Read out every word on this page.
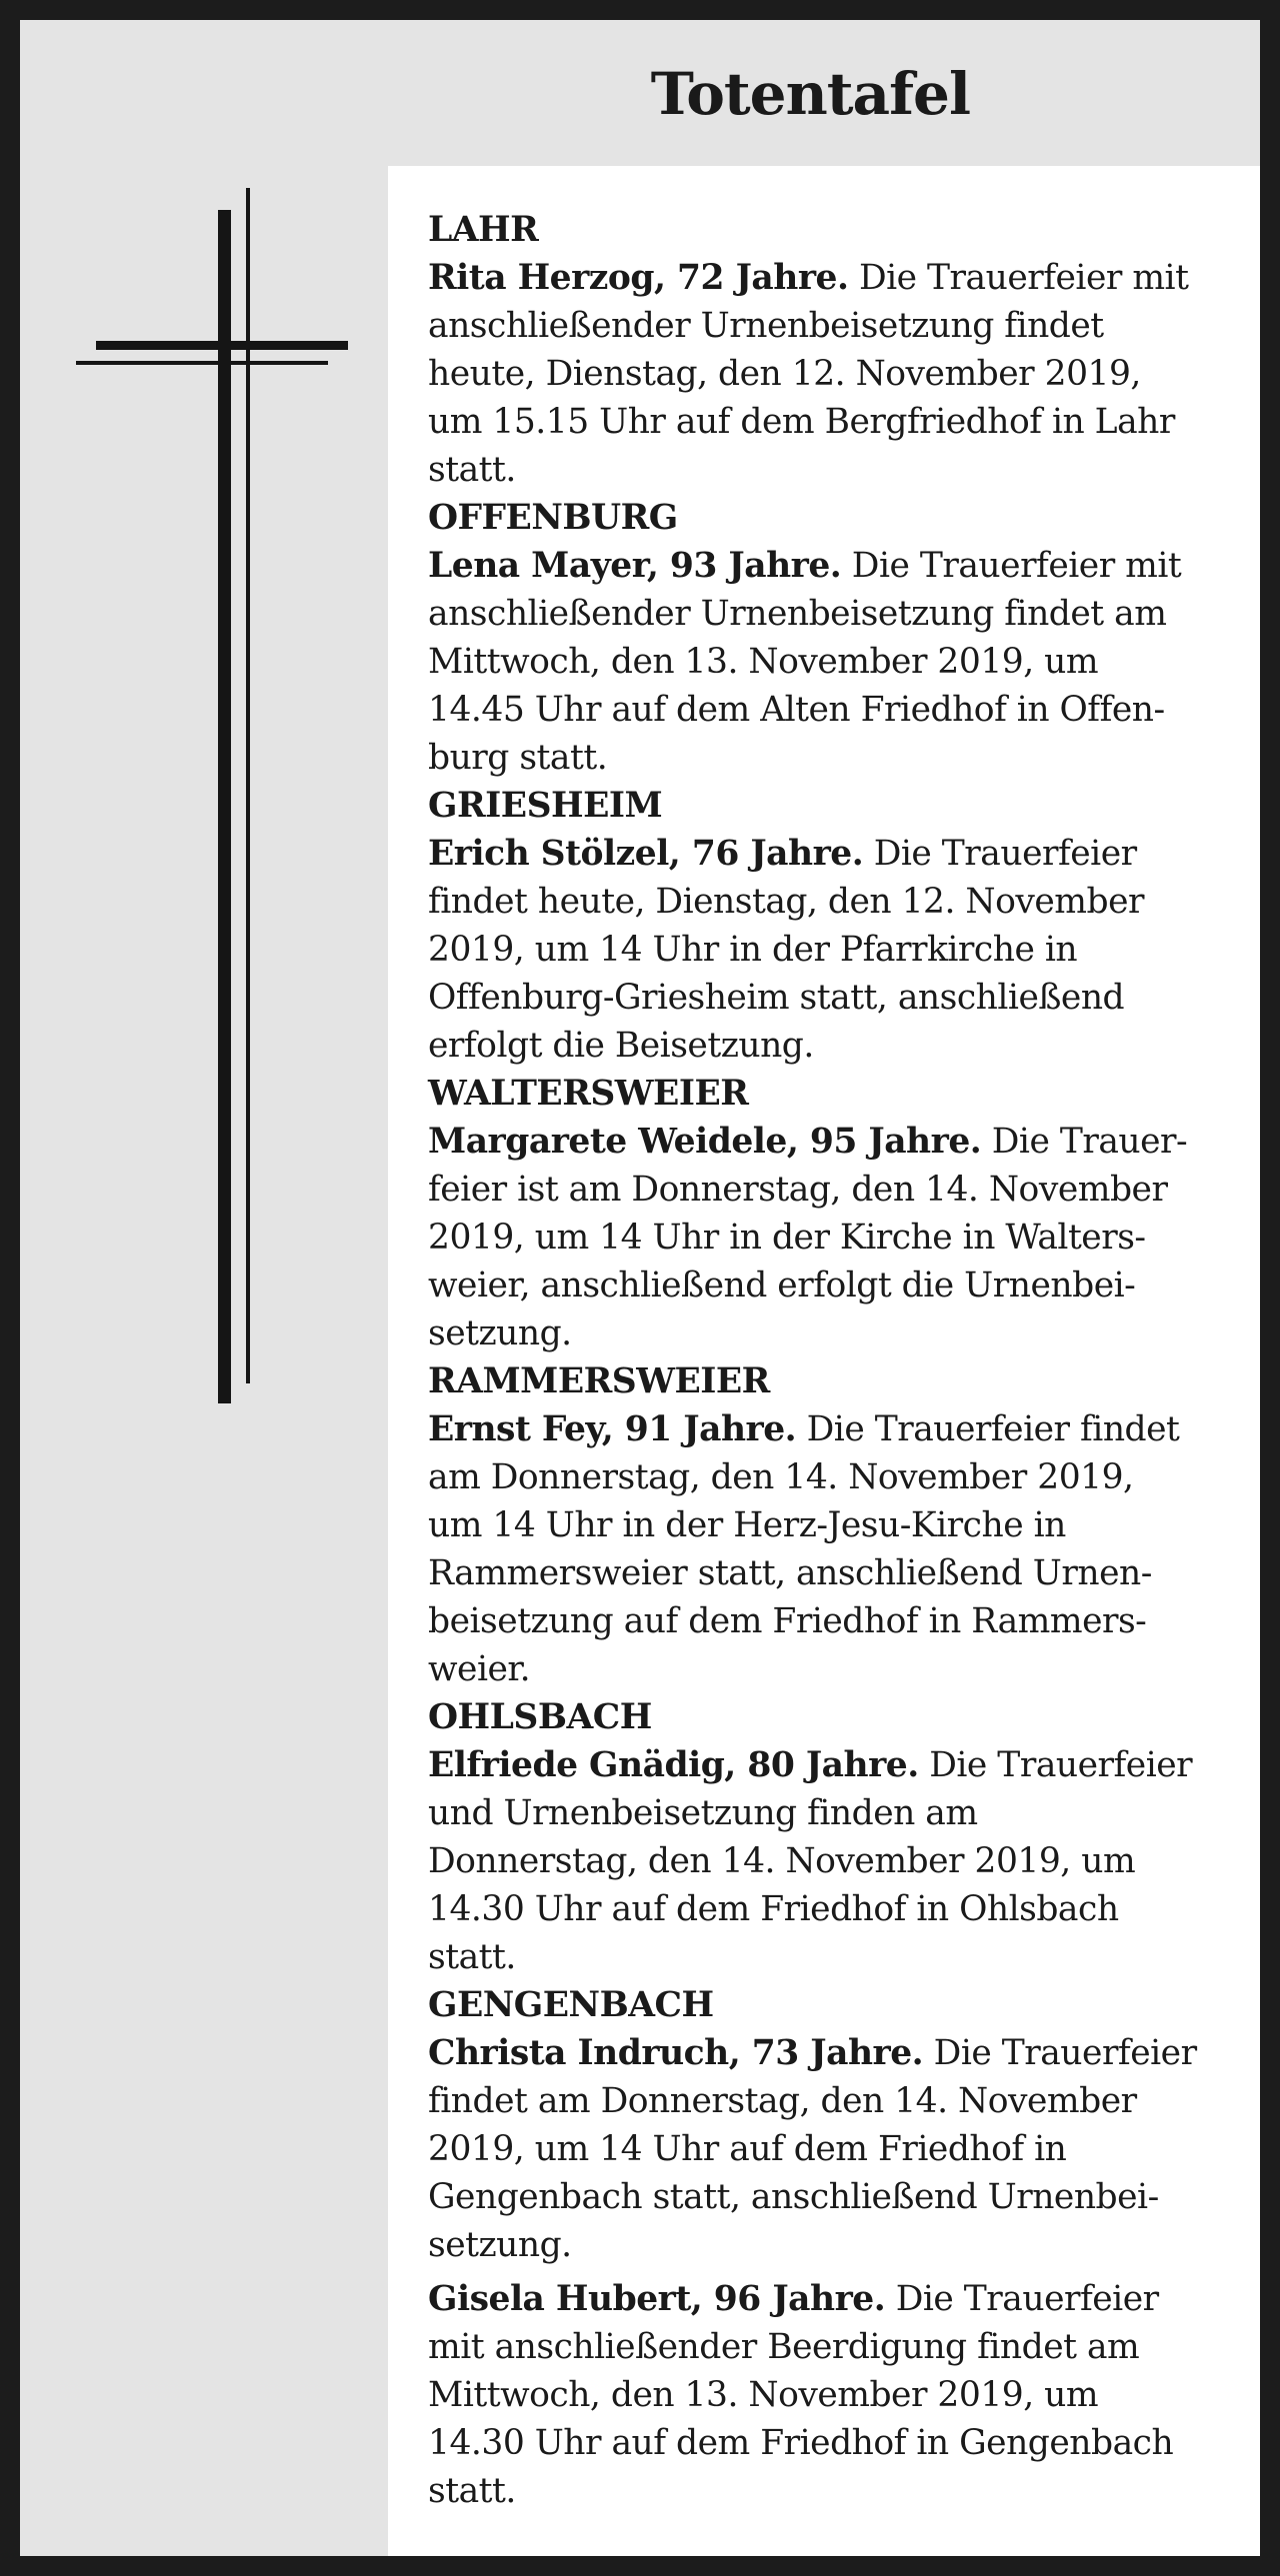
Totentafel

LAHR

Rita Herzog, 72 Jahre. Die Trauerfeier mit

anschließender Urnenbeisetzung findet

heute, Dienstag, den 12. November 2019,

um 15.15 Uhr auf dem Bergfriedhof in Lahr

statt.

OFFENBURG

Lena Mayer, 93 Jahre. Die Trauerfeier mit

anschließender Urnenbeisetzung findet am

Mittwoch, den 13. November 2019, um

14.45 Uhr auf dem Alten Friedhof in Offen-

burg statt.

GRIESHEIM

Erich Stölzel, 76 Jahre. Die Trauerfeier

findet heute, Dienstag, den 12. November

2019, um 14 Uhr in der Pfarrkirche in

Offenburg-Griesheim statt, anschließend

erfolgt die Beisetzung.

WALTERSWEIER

Margarete Weidele, 95 Jahre. Die Trauer-

feier ist am Donnerstag, den 14. November

2019, um 14 Uhr in der Kirche in Walters-

weier, anschließend erfolgt die Urnenbei-

setzung.

RAMMERSWEIER

Ernst Fey, 91 Jahre. Die Trauerfeier findet

am Donnerstag, den 14. November 2019,

um 14 Uhr in der Herz-Jesu-Kirche in

Rammersweier statt, anschließend Urnen-

beisetzung auf dem Friedhof in Rammers-

weier.

OHLSBACH

Elfriede Gnädig, 80 Jahre. Die Trauerfeier

und Urnenbeisetzung finden am

Donnerstag, den 14. November 2019, um

14.30 Uhr auf dem Friedhof in Ohlsbach

statt.

GENGENBACH

Christa Indruch, 73 Jahre. Die Trauerfeier

findet am Donnerstag, den 14. November

2019, um 14 Uhr auf dem Friedhof in

Gengenbach statt, anschließend Urnenbei-

setzung.

Gisela Hubert, 96 Jahre. Die Trauerfeier

mit anschließender Beerdigung findet am

Mittwoch, den 13. November 2019, um

14.30 Uhr auf dem Friedhof in Gengenbach

statt.
